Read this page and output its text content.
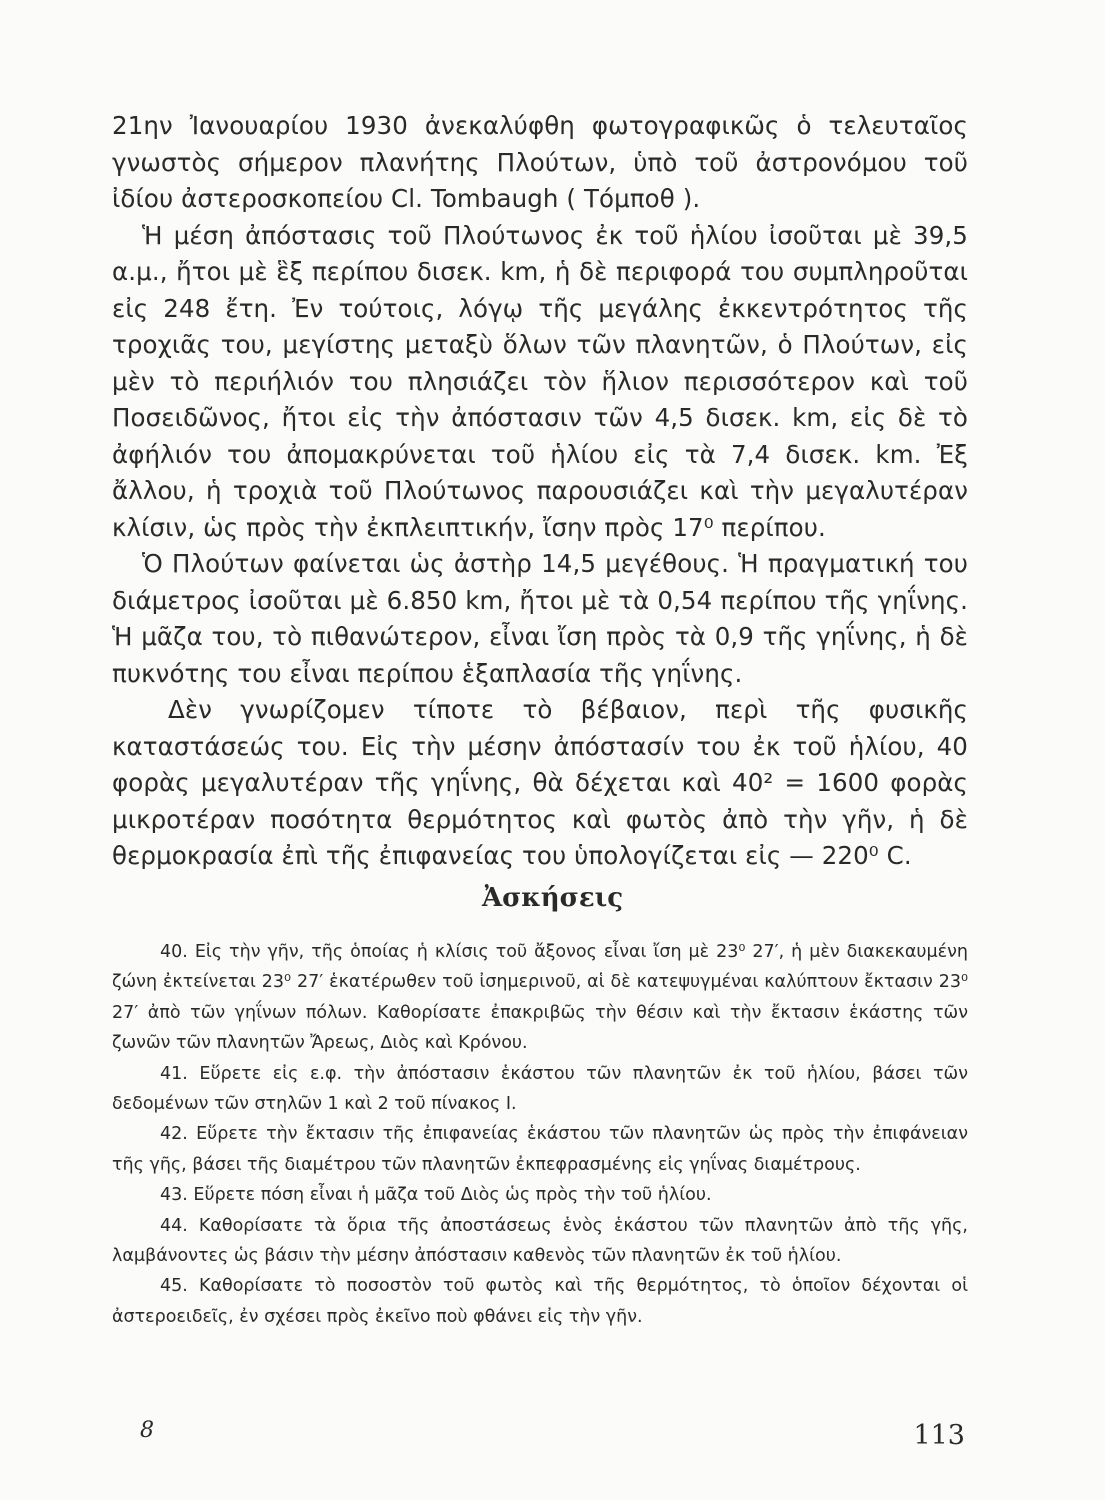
21ην Ἰανουαρίου 1930 ἀνεκαλύφθη φωτογραφικῶς ὁ τελευταῖος γνωστὸς σήμερον πλανήτης Πλούτων, ὑπὸ τοῦ ἀστρονόμου τοῦ ἰδίου ἀστεροσκοπείου Cl. Tombaugh ( Τόμποθ ).

Ἡ μέση ἀπόστασις τοῦ Πλούτωνος ἐκ τοῦ ἡλίου ἰσοῦται μὲ 39,5 α.μ., ἤτοι μὲ ἓξ περίπου δισεκ. km, ἡ δὲ περιφορά του συμπληροῦται εἰς 248 ἔτη. Ἐν τούτοις, λόγῳ τῆς μεγάλης ἐκκεντρότητος τῆς τροχιᾶς του, μεγίστης μεταξὺ ὅλων τῶν πλανητῶν, ὁ Πλούτων, εἰς μὲν τὸ περιήλιόν του πλησιάζει τὸν ἥλιον περισσότερον καὶ τοῦ Ποσειδῶνος, ἤτοι εἰς τὴν ἀπόστασιν τῶν 4,5 δισεκ. km, εἰς δὲ τὸ ἀφήλιόν του ἀπομακρύνεται τοῦ ἡλίου εἰς τὰ 7,4 δισεκ. km. Ἐξ ἄλλου, ἡ τροχιὰ τοῦ Πλούτωνος παρουσιάζει καὶ τὴν μεγαλυτέραν κλίσιν, ὡς πρὸς τὴν ἐκπλειπτικήν, ἴσην πρὸς 17⁰ περίπου.

Ὁ Πλούτων φαίνεται ὡς ἀστὴρ 14,5 μεγέθους. Ἡ πραγματική του διάμετρος ἰσοῦται μὲ 6.850 km, ἤτοι μὲ τὰ 0,54 περίπου τῆς γηΐνης. Ἡ μᾶζα του, τὸ πιθανώτερον, εἶναι ἴση πρὸς τὰ 0,9 τῆς γηΐνης, ἡ δὲ πυκνότης του εἶναι περίπου ἑξαπλασία τῆς γηΐνης.

Δὲν γνωρίζομεν τίποτε τὸ βέβαιον, περὶ τῆς φυσικῆς καταστάσεώς του. Εἰς τὴν μέσην ἀπόστασίν του ἐκ τοῦ ἡλίου, 40 φορὰς μεγαλυτέραν τῆς γηΐνης, θὰ δέχεται καὶ 40² = 1600 φορὰς μικροτέραν ποσότητα θερμότητος καὶ φωτὸς ἀπὸ τὴν γῆν, ἡ δὲ θερμοκρασία ἐπὶ τῆς ἐπιφανείας του ὑπολογίζεται εἰς — 220⁰ C.

Ἀσκήσεις

40. Εἰς τὴν γῆν, τῆς ὁποίας ἡ κλίσις τοῦ ἄξονος εἶναι ἴση μὲ 23⁰ 27′, ἡ μὲν διακεκαυμένη ζώνη ἐκτείνεται 23⁰ 27′ ἑκατέρωθεν τοῦ ἰσημερινοῦ, αἱ δὲ κατεψυγμέναι καλύπτουν ἔκτασιν 23⁰ 27′ ἀπὸ τῶν γηΐνων πόλων. Καθορίσατε ἐπακριβῶς τὴν θέσιν καὶ τὴν ἔκτασιν ἑκάστης τῶν ζωνῶν τῶν πλανητῶν Ἄρεως, Διὸς καὶ Κρόνου.

41. Εὕρετε εἰς ε.φ. τὴν ἀπόστασιν ἑκάστου τῶν πλανητῶν ἐκ τοῦ ἡλίου, βάσει τῶν δεδομένων τῶν στηλῶν 1 καὶ 2 τοῦ πίνακος I.

42. Εὕρετε τὴν ἔκτασιν τῆς ἐπιφανείας ἑκάστου τῶν πλανητῶν ὡς πρὸς τὴν ἐπιφάνειαν τῆς γῆς, βάσει τῆς διαμέτρου τῶν πλανητῶν ἐκπεφρασμένης εἰς γηΐνας διαμέτρους.

43. Εὕρετε πόση εἶναι ἡ μᾶζα τοῦ Διὸς ὡς πρὸς τὴν τοῦ ἡλίου.

44. Καθορίσατε τὰ ὅρια τῆς ἀποστάσεως ἑνὸς ἑκάστου τῶν πλανητῶν ἀπὸ τῆς γῆς, λαμβάνοντες ὡς βάσιν τὴν μέσην ἀπόστασιν καθενὸς τῶν πλανητῶν ἐκ τοῦ ἡλίου.

45. Καθορίσατε τὸ ποσοστὸν τοῦ φωτὸς καὶ τῆς θερμότητος, τὸ ὁποῖον δέχονται οἱ ἀστεροειδεῖς, ἐν σχέσει πρὸς ἐκεῖνο ποὺ φθάνει εἰς τὴν γῆν.

8	113
